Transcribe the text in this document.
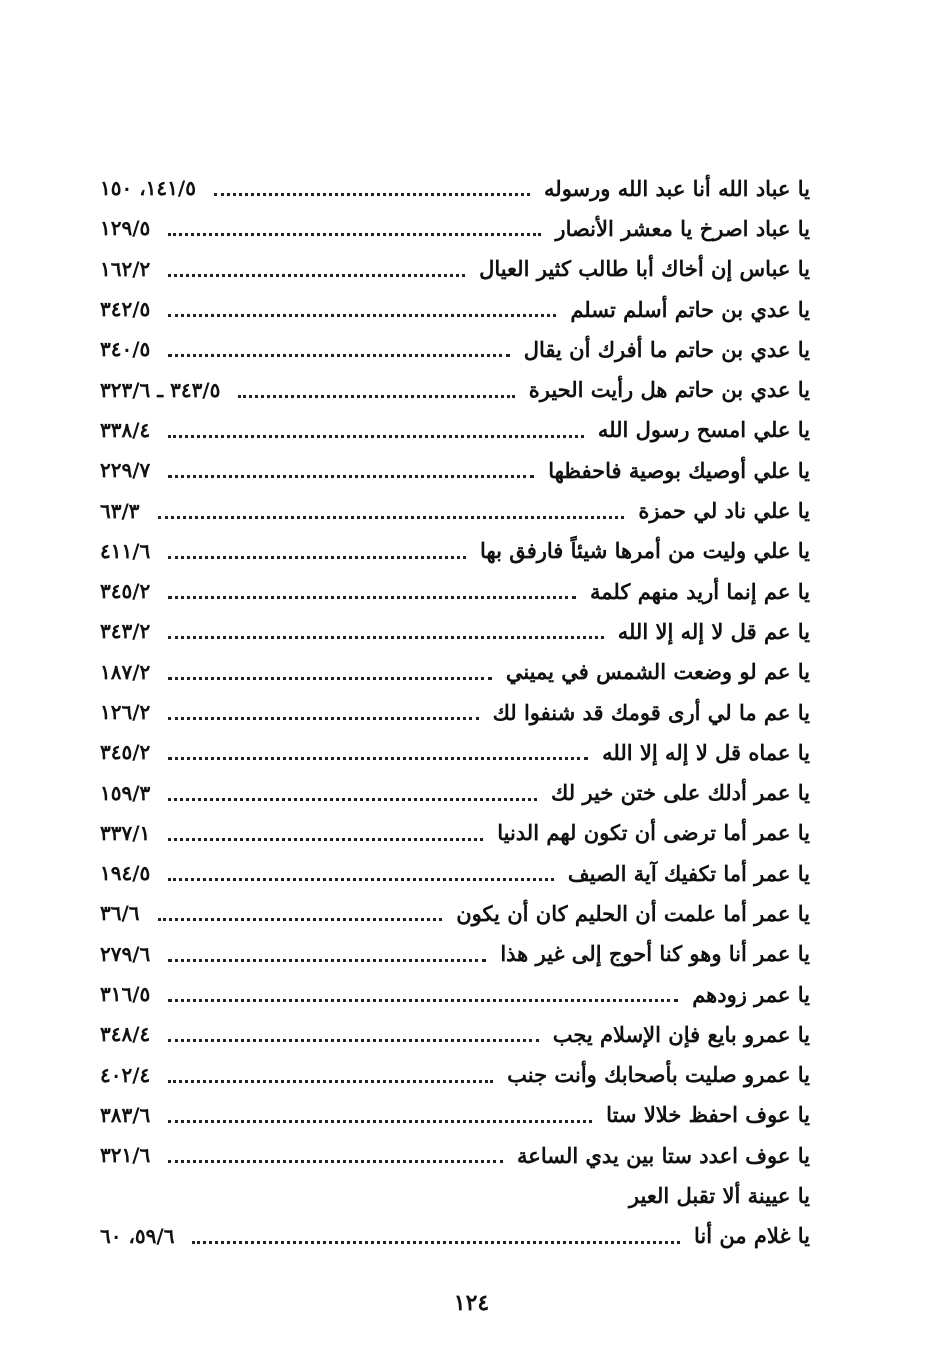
يا عباد الله أنا عبد الله ورسوله
١٤١/٥، ١٥٠
يا عباد اصرخ يا معشر الأنصار
١٢٩/٥
يا عباس إن أخاك أبا طالب كثير العيال
١٦٢/٢
يا عدي بن حاتم أسلم تسلم
٣٤٢/٥
يا عدي بن حاتم ما أفرك أن يقال
٣٤٠/٥
يا عدي بن حاتم هل رأيت الحيرة
٣٤٣/٥ ـ ٣٢٣/٦
يا علي امسح رسول الله
٣٣٨/٤
يا علي أوصيك بوصية فاحفظها
٢٢٩/٧
يا علي ناد لي حمزة
٦٣/٣
يا علي وليت من أمرها شيئاً فارفق بها
٤١١/٦
يا عم إنما أريد منهم كلمة
٣٤٥/٢
يا عم قل لا إله إلا الله
٣٤٣/٢
يا عم لو وضعت الشمس في يميني
١٨٧/٢
يا عم ما لي أرى قومك قد شنفوا لك
١٢٦/٢
يا عماه قل لا إله إلا الله
٣٤٥/٢
يا عمر أدلك على ختن خير لك
١٥٩/٣
يا عمر أما ترضى أن تكون لهم الدنيا
٣٣٧/١
يا عمر أما تكفيك آية الصيف
١٩٤/٥
يا عمر أما علمت أن الحليم كان أن يكون
٣٦/٦
يا عمر أنا وهو كنا أحوج إلى غير هذا
٢٧٩/٦
يا عمر زودهم
٣١٦/٥
يا عمرو بايع فإن الإسلام يجب
٣٤٨/٤
يا عمرو صليت بأصحابك وأنت جنب
٤٠٢/٤
يا عوف احفظ خلالا ستا
٣٨٣/٦
يا عوف اعدد ستا بين يدي الساعة
٣٢١/٦
يا عيينة ألا تقبل العير
يا غلام من أنا
٥٩/٦، ٦٠
١٢٤
